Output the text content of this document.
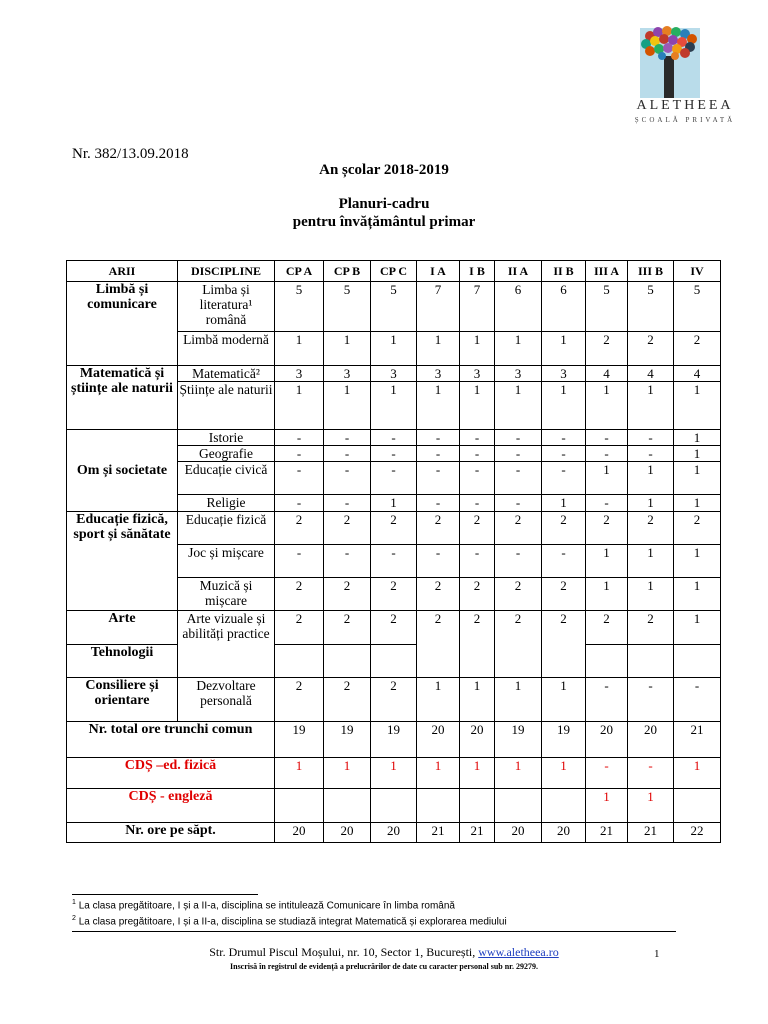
ALETHEEA
ȘCOALĂ PRIVATĂ
Nr. 382/13.09.2018
An școlar 2018-2019
Planuri-cadru
pentru învățământul primar
ARII	DISCIPLINE	CP A	CP B	CP C	I A	I B	II A	II B	III A	III B	IV
Limbă și comunicare	Limba și literatura¹ română	5	5	5	7	7	6	6	5	5	5
	Limbă modernă	1	1	1	1	1	1	1	2	2	2
Matematică și științe ale naturii	Matematică²	3	3	3	3	3	3	3	4	4	4
	Științe ale naturii	1	1	1	1	1	1	1	1	1	1
Om și societate	Istorie	-	-	-	-	-	-	-	-	-	1
	Geografie	-	-	-	-	-	-	-	-	-	1
	Educație civică	-	-	-	-	-	-	-	1	1	1
	Religie	-	-	1	-	-	-	1	-	1	1
Educație fizică, sport și sănătate	Educație fizică	2	2	2	2	2	2	2	2	2	2
	Joc și mișcare	-	-	-	-	-	-	-	1	1	1
	Muzică și mișcare	2	2	2	2	2	2	2	1	1	1
Arte	Arte vizuale și abilități practice	2	2	2	2	2	2	2	2	2	1
Tehnologii											
Consiliere și orientare	Dezvoltare personală	2	2	2	1	1	1	1	-	-	-
Nr. total ore trunchi comun		19	19	19	20	20	19	19	20	20	21
CDȘ –ed. fizică		1	1	1	1	1	1	1	-	-	1
CDȘ - engleză									1	1	
Nr. ore pe săpt.		20	20	20	21	21	20	20	21	21	22
$^1$ La clasa pregătitoare, I și a II-a, disciplina se intitulează Comunicare în limba română
$^2$ La clasa pregătitoare, I și a II-a, disciplina se studiază integrat Matematică și explorarea mediului
Str. Drumul Piscul Moșului, nr. 10, Sector 1, București, www.aletheea.ro
Inscrisă în registrul de evidență a prelucrărilor de date cu caracter personal sub nr. 29279.
1
